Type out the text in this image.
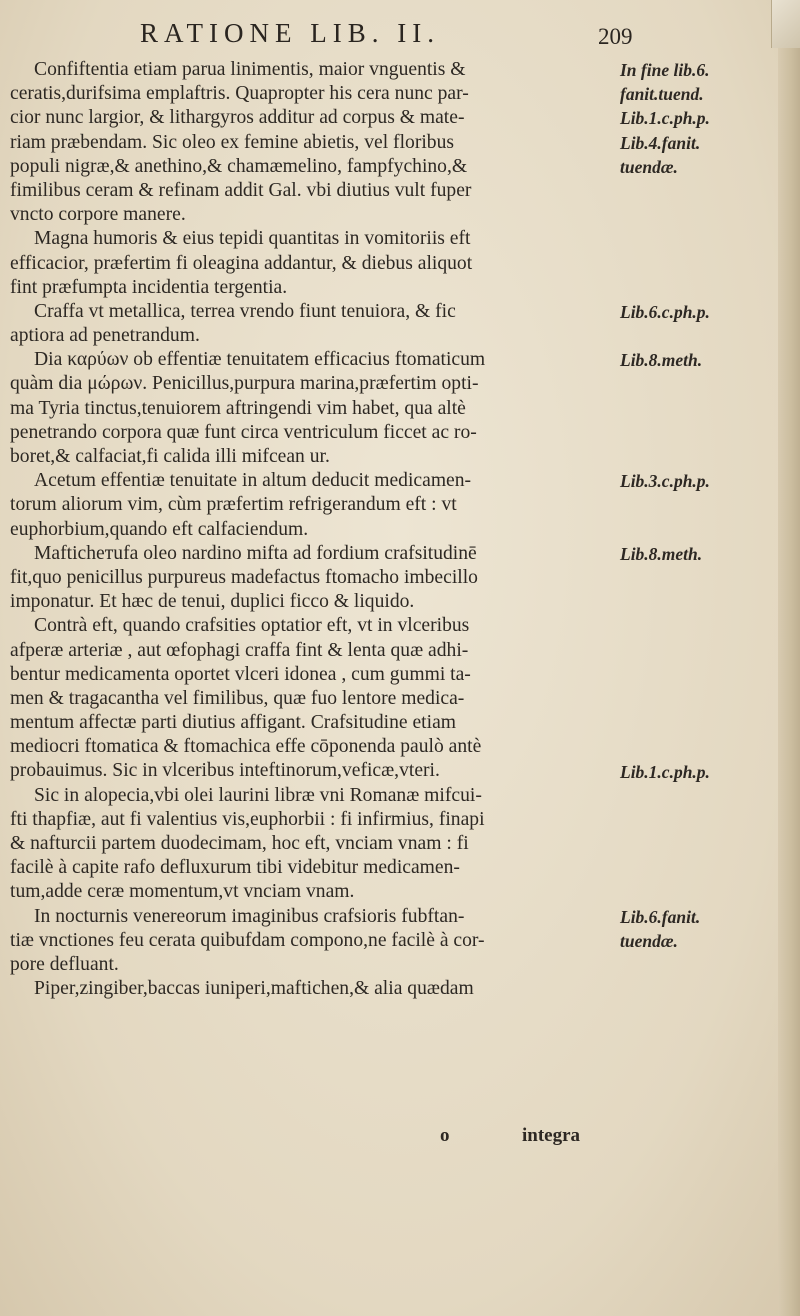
RATIONE LIB. II.	209
Confiftentia etiam parua linimentis, maior vnguentis &
ceratis,durifsima emplaftris. Quapropter his cera nunc par-
cior nunc largior, & lithargyros additur ad corpus & mate-
riam præbendam. Sic oleo ex femine abietis, vel floribus
populi nigræ,& anethino,& chamæmelino, fampfychino,&
fimilibus ceram & refinam addit Gal. vbi diutius vult fuper
vncto corpore manere.
Magna humoris & eius tepidi quantitas in vomitoriis eft
efficacior, præfertim fi oleagina addantur, & diebus aliquot
fint præfumpta incidentia tergentia.
Craffa vt metallica, terrea vrendo fiunt tenuiora, & fic
aptiora ad penetrandum.
Dia καρύων ob effentiæ tenuitatem efficacius ftomaticum
quàm dia μώρων. Penicillus,purpura marina,præfertim opti-
ma Tyria tinctus,tenuiorem aftringendi vim habet, qua altè
penetrando corpora quæ funt circa ventriculum ficcet ac ro-
boret,& calfaciat,fi calida illi mifcean ur.
Acetum effentiæ tenuitate in altum deducit medicamen-
torum aliorum vim, cùm præfertim refrigerandum eft : vt
euphorbium,quando eft calfaciendum.
Mafticheтufa oleo nardino mifta ad fordium crafsitudinē
fit,quo penicillus purpureus madefactus ftomacho imbecillo
imponatur. Et hæc de tenui, duplici ficco & liquido.
Contrà eft, quando crafsities optatior eft, vt in vlceribus
afperæ arteriæ , aut œfophagi craffa fint & lenta quæ adhi-
bentur medicamenta oportet vlceri idonea , cum gummi ta-
men & tragacantha vel fimilibus, quæ fuo lentore medica-
mentum affectæ parti diutius affigant. Crafsitudine etiam
mediocri ftomatica & ftomachica effe cōponenda paulò antè
probauimus. Sic in vlceribus inteftinorum,veficæ,vteri.
Sic in alopecia,vbi olei laurini libræ vni Romanæ mifcui-
fti thapfiæ, aut fi valentius vis,euphorbii : fi infirmius, finapi
& nafturcii partem duodecimam, hoc eft, vnciam vnam : fi
facilè à capite rafo defluxurum tibi videbitur medicamen-
tum,adde ceræ momentum,vt vnciam vnam.
In nocturnis venereorum imaginibus crafsioris fubftan-
tiæ vnctiones feu cerata quibufdam compono,ne facilè à cor-
pore defluant.
Piper,zingiber,baccas iuniperi,maftichen,& alia quædam
In fine lib.6.
fanit.tuend.
Lib.1.c.ph.p.
Lib.4.fanit.
tuendæ.
Lib.6.c.ph.p.
Lib.8.meth.
Lib.3.c.ph.p.
Lib.8.meth.
Lib.1.c.ph.p.
Lib.6.fanit.
tuendæ.
o	integra
